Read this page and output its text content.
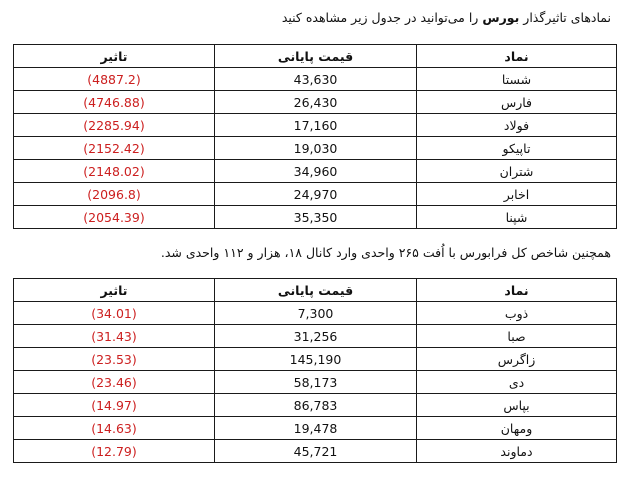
نمادهای تاثیرگذار بورس را می‌توانید در جدول زیر مشاهده کنید
نماد	قیمت پایانی	تاثیر
شستا	43,630	(4887.2)
فارس	26,430	(4746.88)
فولاد	17,160	(2285.94)
تاپیکو	19,030	(2152.42)
شتران	34,960	(2148.02)
اخابر	24,970	(2096.8)
شپنا	35,350	(2054.39)
همچنین شاخص کل فرابورس با اُفت ۲۶۵ واحدی وارد کانال ۱۸، هزار و ۱۱۲ واحدی شد.
نماد	قیمت پایانی	تاثیر
ذوب	7,300	(34.01)
صبا	31,256	(31.43)
زاگرس	145,190	(23.53)
دی	58,173	(23.46)
بپاس	86,783	(14.97)
ومهان	19,478	(14.63)
دماوند	45,721	(12.79)
